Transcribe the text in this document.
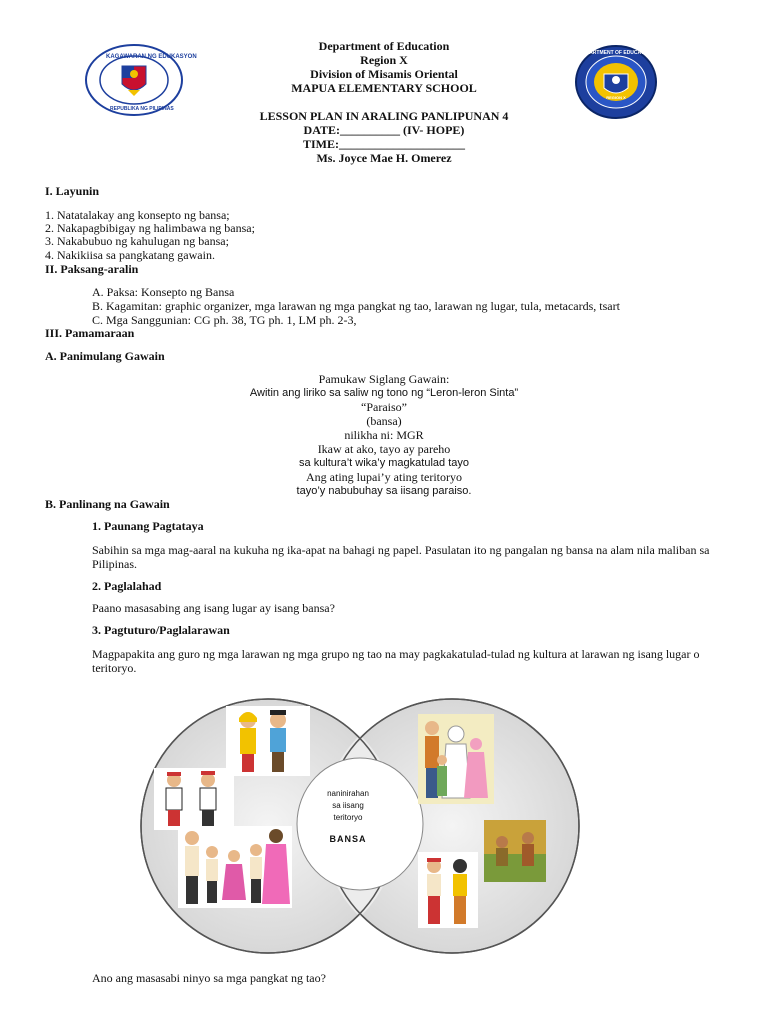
KAGAWARAN NG EDUKASYON
REPUBLIKA NG PILIPINAS
DEPARTMENT OF EDUCATION
REGION X
Department of Education
Region X
Division of Misamis Oriental
MAPUA ELEMENTARY SCHOOL
LESSON PLAN IN ARALING PANLIPUNAN 4
DATE:__________ (IV- HOPE)
TIME:_____________________
Ms. Joyce Mae H. Omerez
I. Layunin
1. Natatalakay ang konsepto ng bansa;
2. Nakapagbibigay ng halimbawa ng bansa;
3. Nakabubuo ng kahulugan ng bansa;
4. Nakikiisa sa pangkatang gawain.
II. Paksang-aralin
A. Paksa: Konsepto ng Bansa
B. Kagamitan: graphic organizer, mga larawan ng mga pangkat ng tao, larawan ng lugar, tula, metacards, tsart
C. Mga Sanggunian: CG ph. 38, TG ph. 1, LM ph. 2-3,
III. Pamamaraan
A. Panimulang Gawain
Pamukaw Siglang Gawain:
Awitin ang liriko sa saliw ng tono ng “Leron-leron Sinta”
“Paraiso”
(bansa)
nilikha ni: MGR
Ikaw at ako, tayo ay pareho
sa kultura’t wika’y magkatulad tayo
Ang ating lupai’y ating teritoryo
tayo’y nabubuhay sa iisang paraiso.
B. Panlinang na Gawain
1. Paunang Pagtataya
Sabihin sa mga mag-aaral na kukuha ng ika-apat na bahagi ng papel. Pasulatan ito ng pangalan ng bansa na alam nila maliban sa Pilipinas.
2. Paglalahad
Paano masasabing ang isang lugar ay isang bansa?
3. Pagtuturo/Paglalarawan
Magpapakita ang guro ng mga larawan ng mga grupo ng tao na may pagkakatulad-tulad ng kultura at larawan ng isang lugar o teritoryo.
naninirahan
sa iisang
teritoryo
BANSA
Ano ang masasabi ninyo sa mga pangkat ng tao?
